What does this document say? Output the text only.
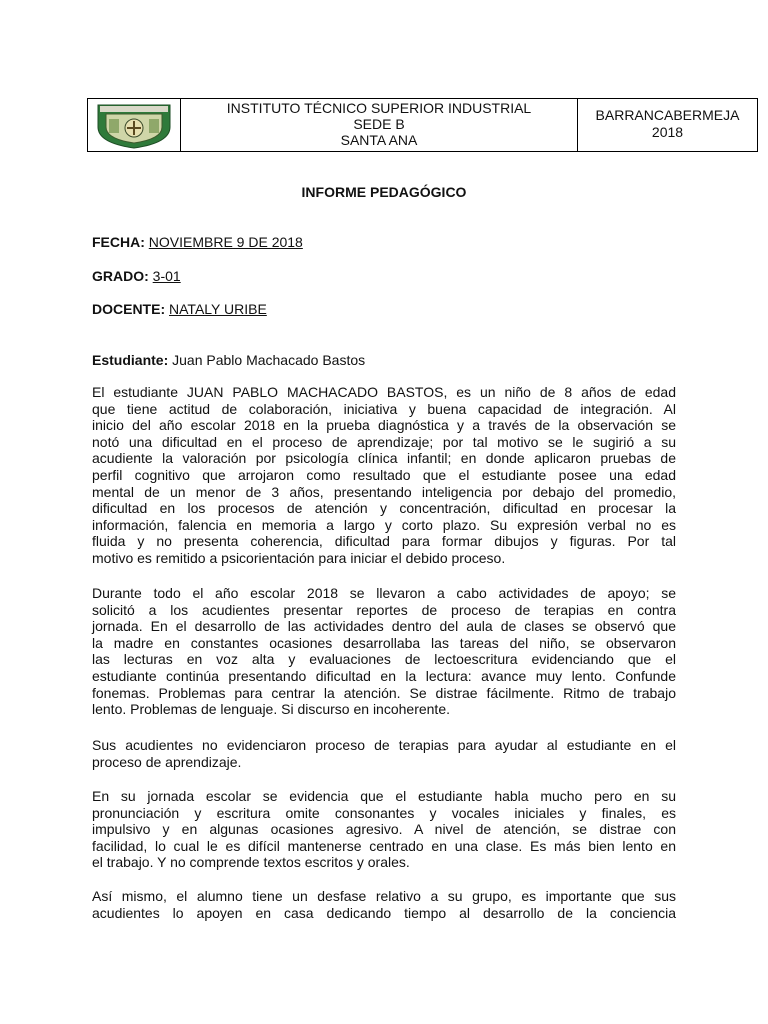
INSTITUTO TÉCNICO SUPERIOR INDUSTRIAL
SEDE B
SANTA ANA
BARRANCABERMEJA
2018
INFORME PEDAGÓGICO
FECHA: NOVIEMBRE 9 DE 2018
GRADO: 3-01
DOCENTE: NATALY URIBE
Estudiante: Juan Pablo Machacado Bastos
El estudiante JUAN PABLO MACHACADO BASTOS, es un niño de 8 años de edad
que tiene actitud de colaboración, iniciativa y buena capacidad de integración. Al
inicio del año escolar 2018 en la prueba diagnóstica y a través de la observación se
notó una dificultad en el proceso de aprendizaje; por tal motivo se le sugirió a su
acudiente la valoración por psicología clínica infantil; en donde aplicaron pruebas de
perfil cognitivo que arrojaron como resultado que el estudiante posee una edad
mental de un menor de 3 años, presentando inteligencia por debajo del promedio,
dificultad en los procesos de atención y concentración, dificultad en procesar la
información, falencia en memoria a largo y corto plazo. Su expresión verbal no es
fluida y no presenta coherencia, dificultad para formar dibujos y figuras. Por tal
motivo es remitido a psicorientación para iniciar el debido proceso.
Durante todo el año escolar 2018 se llevaron a cabo actividades de apoyo; se
solicitó a los acudientes presentar reportes de proceso de terapias en contra
jornada. En el desarrollo de las actividades dentro del aula de clases se observó que
la madre en constantes ocasiones desarrollaba las tareas del niño, se observaron
las lecturas en voz alta y evaluaciones de lectoescritura evidenciando que el
estudiante continúa presentando dificultad en la lectura: avance muy lento. Confunde
fonemas. Problemas para centrar la atención. Se distrae fácilmente. Ritmo de trabajo
lento. Problemas de lenguaje. Si discurso en incoherente.
Sus acudientes no evidenciaron proceso de terapias para ayudar al estudiante en el
proceso de aprendizaje.
En su jornada escolar se evidencia que el estudiante habla mucho pero en su
pronunciación y escritura omite consonantes y vocales iniciales y finales, es
impulsivo y en algunas ocasiones agresivo. A nivel de atención, se distrae con
facilidad, lo cual le es difícil mantenerse centrado en una clase. Es más bien lento en
el trabajo. Y no comprende textos escritos y orales.
Así mismo, el alumno tiene un desfase relativo a su grupo, es importante que sus
acudientes lo apoyen en casa dedicando tiempo al desarrollo de la conciencia
